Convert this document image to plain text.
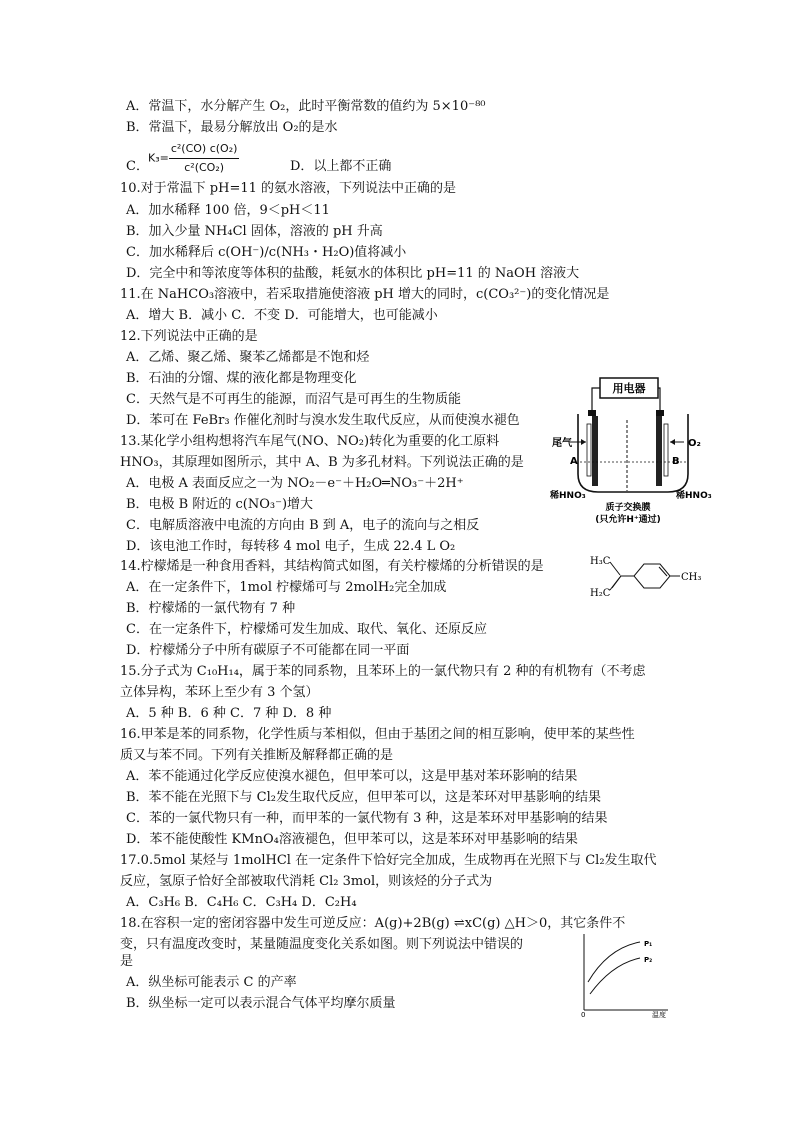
A．常温下，水分解产生 O₂，此时平衡常数的值约为 5×10⁻⁸⁰
B．常温下，最易分解放出 O₂的是水
C．
$K_3= \frac{\text{c²(CO) c(O₂)}}{\text{c²(CO₂)}}$	D．以上都不正确
10.对于常温下 pH=11 的氨水溶液，下列说法中正确的是
A．加水稀释 100 倍，9＜pH＜11
B．加入少量 NH₄Cl 固体，溶液的 pH 升高
C．加水稀释后 c(OH⁻)/c(NH₃・H₂O)值将减小
D．完全中和等浓度等体积的盐酸，耗氨水的体积比 pH=11 的 NaOH 溶液大
11.在 NaHCO₃溶液中，若采取措施使溶液 pH 增大的同时，c(CO₃²⁻)的变化情况是
A．增大 B．减小 C．不变 D．可能增大，也可能减小
12.下列说法中正确的是
A．乙烯、聚乙烯、聚苯乙烯都是不饱和烃
B．石油的分馏、煤的液化都是物理变化
C．天然气是不可再生的能源，而沼气是可再生的生物质能
D．苯可在 FeBr₃ 作催化剂时与溴水发生取代反应，从而使溴水褪色
13.某化学小组构想将汽车尾气(NO、NO₂)转化为重要的化工原料
HNO₃，其原理如图所示，其中 A、B 为多孔材料。下列说法正确的是
A．电极 A 表面反应之一为 NO₂－e⁻＋H₂O═NO₃⁻＋2H⁺
B．电极 B 附近的 c(NO₃⁻)增大
C．电解质溶液中电流的方向由 B 到 A，电子的流向与之相反
D．该电池工作时，每转移 4 mol 电子，生成 22.4 L O₂
14.柠檬烯是一种食用香料，其结构简式如图，有关柠檬烯的分析错误的是
A．在一定条件下，1mol 柠檬烯可与 2molH₂完全加成
B．柠檬烯的一氯代物有 7 种
C．在一定条件下，柠檬烯可发生加成、取代、氧化、还原反应
D．柠檬烯分子中所有碳原子不可能都在同一平面
15.分子式为 C₁₀H₁₄，属于苯的同系物，且苯环上的一氯代物只有 2 种的有机物有（不考虑
立体异构，苯环上至少有 3 个氢）
A．5 种 B．6 种 C．7 种 D．8 种
16.甲苯是苯的同系物，化学性质与苯相似，但由于基团之间的相互影响，使甲苯的某些性
质又与苯不同。下列有关推断及解释都正确的是
A．苯不能通过化学反应使溴水褪色，但甲苯可以，这是甲基对苯环影响的结果
B．苯不能在光照下与 Cl₂发生取代反应，但甲苯可以，这是苯环对甲基影响的结果
C．苯的一氯代物只有一种，而甲苯的一氯代物有 3 种，这是苯环对甲基影响的结果
D．苯不能使酸性 KMnO₄溶液褪色，但甲苯可以，这是苯环对甲基影响的结果
17.0.5mol 某烃与 1molHCl 在一定条件下恰好完全加成，生成物再在光照下与 Cl₂发生取代
反应，氢原子恰好全部被取代消耗 Cl₂ 3mol，则该烃的分子式为
A．C₃H₆ B．C₄H₆ C．C₃H₄ D．C₂H₄
18.在容积一定的密闭容器中发生可逆反应：A(g)+2B(g) ⇌xC(g) △H＞0，其它条件不
变，只有温度改变时，某量随温度变化关系如图。则下列说法中错误的
是
A．纵坐标可能表示 C 的产率
B．纵坐标一定可以表示混合气体平均摩尔质量
用电器
尾气	O₂
A	B
稀HNO₃	稀HNO₃
质子交换膜
(只允许H⁺通过)
H₃C
H₂C
CH₃
P₁
P₂
0	温度
